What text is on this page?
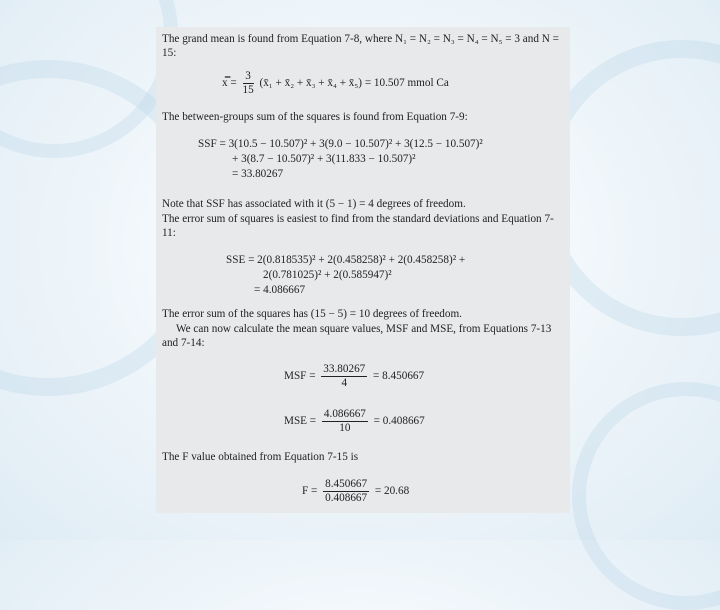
The grand mean is found from Equation 7-8, where N₁ = N₂ = N₃ = N₄ = N₅ = 3 and N = 15:
x̿ = $\frac{3}{15}$ (x̄₁ + x̄₂ + x̄₃ + x̄₄ + x̄₅) = 10.507 mmol Ca
The between-groups sum of the squares is found from Equation 7-9:
SSF = 3(10.5 − 10.507)² + 3(9.0 − 10.507)² + 3(12.5 − 10.507)²
+ 3(8.7 − 10.507)² + 3(11.833 − 10.507)²
= 33.80267
Note that SSF has associated with it (5 − 1) = 4 degrees of freedom.
The error sum of squares is easiest to find from the standard deviations and Equation 7-11:
SSE = 2(0.818535)² + 2(0.458258)² + 2(0.458258)² +
2(0.781025)² + 2(0.585947)²
= 4.086667
The error sum of the squares has (15 − 5) = 10 degrees of freedom.
We can now calculate the mean square values, MSF and MSE, from Equations 7-13 and 7-14:
MSF = $\frac{33.80267}{4} = 8.450667$
MSE = $\frac{4.086667}{10} = 0.408667$
The F value obtained from Equation 7-15 is
$F = \frac{8.450667}{0.408667} = 20.68$
